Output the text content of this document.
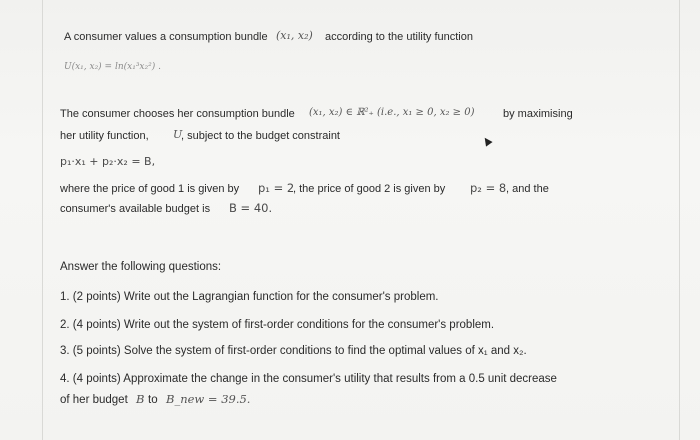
A consumer values a consumption bundle (x₁, x₂) according to the utility function
U(x₁, x₂) = ln(x₁³x₂²) .
The consumer chooses her consumption bundle (x₁, x₂) ∈ ℝ²₊ (i.e., x₁ ≥ 0, x₂ ≥ 0)	by maximising
her utility function, U
, subject to the budget constraint
p₁·x₁ + p₂·x₂ = B,
where the price of good 1 is given by p₁ = 2
, the price of good 2 is given by p₂ = 8 , and the
consumer's available budget is B = 40.
Answer the following questions:
1. (2 points) Write out the Lagrangian function for the consumer's problem.
2. (4 points) Write out the system of first-order conditions for the consumer's problem.
3. (5 points) Solve the system of first-order conditions to find the optimal values of x₁ and x₂.
4. (4 points) Approximate the change in the consumer's utility that results from a 0.5 unit decrease
of her budget B to B_new = 39.5.
